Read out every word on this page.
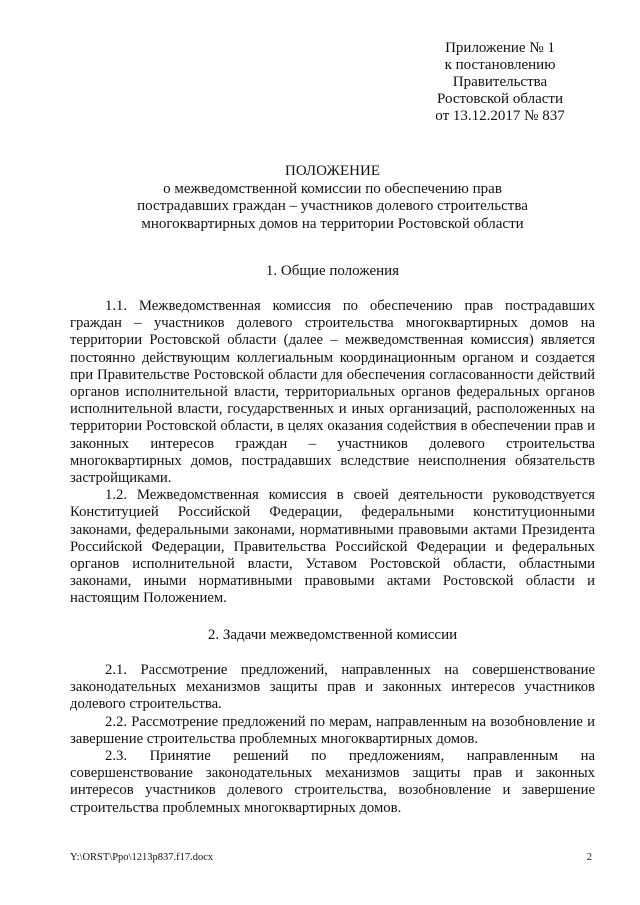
Приложение № 1
к постановлению
Правительства
Ростовской области
от 13.12.2017 № 837
ПОЛОЖЕНИЕ
о межведомственной комиссии по обеспечению прав
пострадавших граждан – участников долевого строительства
многоквартирных домов на территории Ростовской области
1. Общие положения

1.1. Межведомственная комиссия по обеспечению прав пострадавших граждан – участников долевого строительства многоквартирных домов на территории Ростовской области (далее – межведомственная комиссия) является постоянно действующим коллегиальным координационным органом и создается при Правительстве Ростовской области для обеспечения согласованности действий органов исполнительной власти, территориальных органов федеральных органов исполнительной власти, государственных и иных организаций, расположенных на территории Ростовской области, в целях оказания содействия в обеспечении прав и законных интересов граждан – участников долевого строительства многоквартирных домов, пострадавших вследствие неисполнения обязательств застройщиками.

1.2. Межведомственная комиссия в своей деятельности руководствуется Конституцией Российской Федерации, федеральными конституционными законами, федеральными законами, нормативными правовыми актами Президента Российской Федерации, Правительства Российской Федерации и федеральных органов исполнительной власти, Уставом Ростовской области, областными законами, иными нормативными правовыми актами Ростовской области и настоящим Положением.

2. Задачи межведомственной комиссии

2.1. Рассмотрение предложений, направленных на совершенствование законодательных механизмов защиты прав и законных интересов участников долевого строительства.

2.2. Рассмотрение предложений по мерам, направленным на возобновление и завершение строительства проблемных многоквартирных домов.

2.3. Принятие решений по предложениям, направленным на совершенствование законодательных механизмов защиты прав и законных интересов участников долевого строительства, возобновление и завершение строительства проблемных многоквартирных домов.

Y:\ORST\Ppo\1213p837.f17.docx	2
